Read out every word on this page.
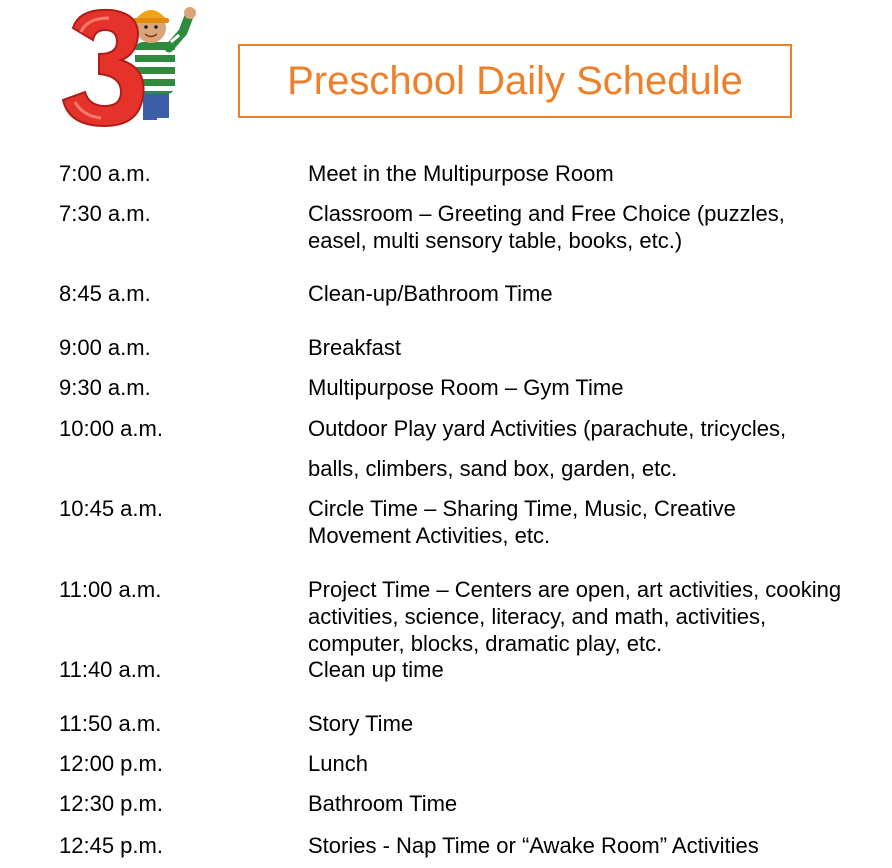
Preschool Daily Schedule
7:00 a.m.	Meet in the Multipurpose Room
7:30 a.m.	Classroom – Greeting and Free Choice (puzzles,
easel, multi sensory table, books, etc.)
8:45 a.m.	Clean-up/Bathroom Time
9:00 a.m.	Breakfast
9:30 a.m.	Multipurpose Room – Gym Time
10:00 a.m.	Outdoor Play yard Activities (parachute, tricycles,
balls, climbers, sand box, garden, etc.
10:45 a.m.	Circle Time – Sharing Time, Music, Creative
Movement Activities, etc.
11:00 a.m.	Project Time – Centers are open, art activities, cooking
activities, science, literacy, and math, activities,
computer, blocks, dramatic play, etc.
11:40 a.m.	Clean up time
11:50 a.m.	Story Time
12:00 p.m.	Lunch
12:30 p.m.	Bathroom Time
12:45 p.m.	Stories - Nap Time or “Awake Room” Activities
